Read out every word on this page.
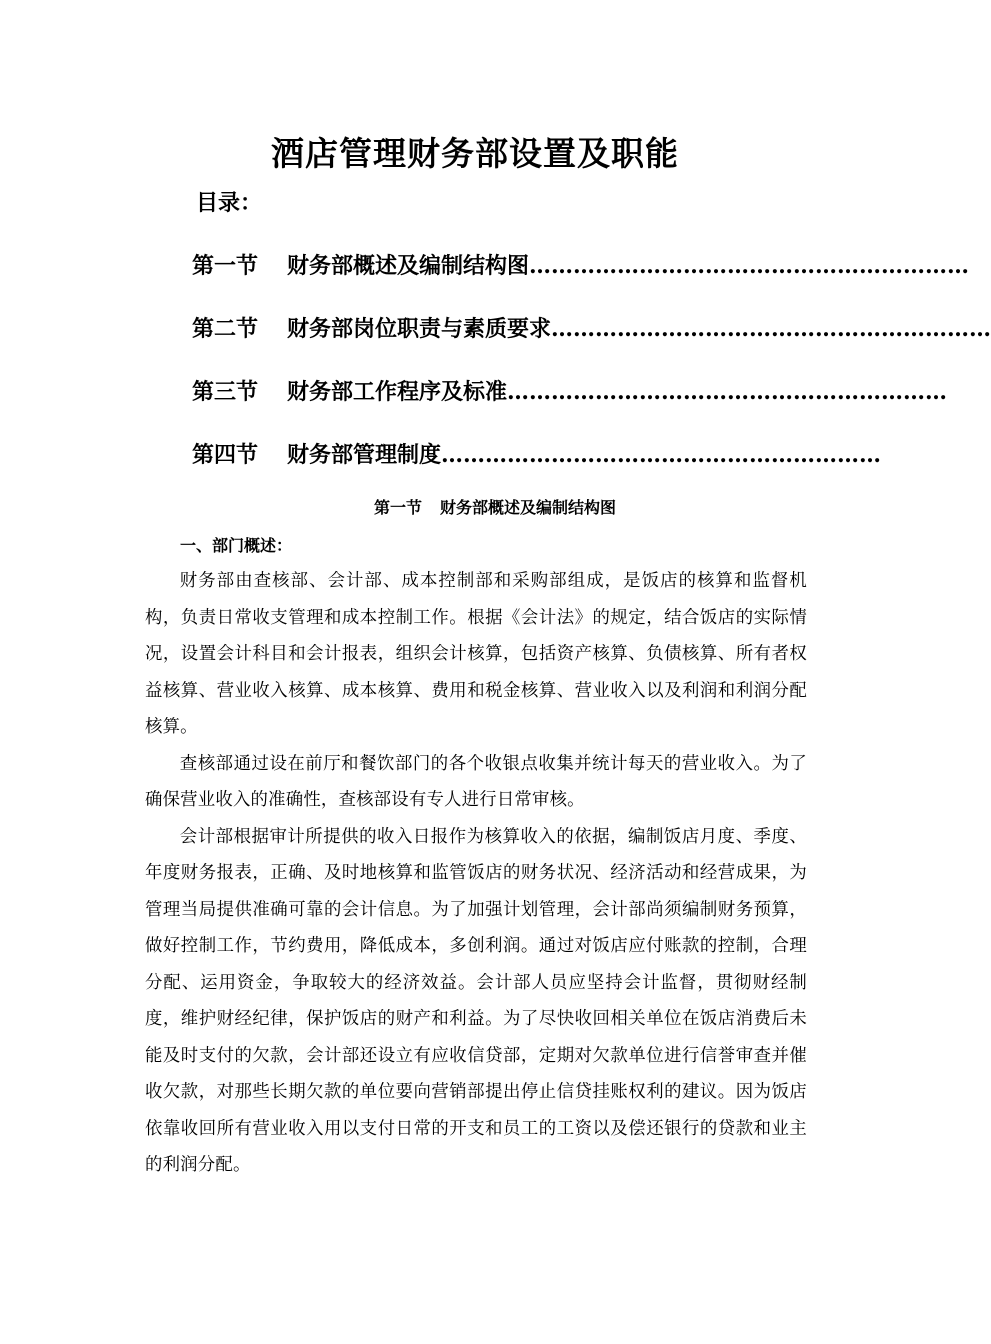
酒店管理财务部设置及职能
目录：
第一节	财务部概述及编制结构图 ……………………………………………………
第二节	财务部岗位职责与素质要求 ……………………………………………………
第三节	财务部工作程序及标准 ……………………………………………………
第四节	财务部管理制度 ……………………………………………………
第一节 财务部概述及编制结构图
一、部门概述：

财务部由查核部、会计部、成本控制部和采购部组成，是饭店的核算和监督机构，负责日常收支管理和成本控制工作。根据《会计法》的规定，结合饭店的实际情况，设置会计科目和会计报表，组织会计核算，包括资产核算、负债核算、所有者权益核算、营业收入核算、成本核算、费用和税金核算、营业收入以及利润和利润分配核算。

查核部通过设在前厅和餐饮部门的各个收银点收集并统计每天的营业收入。为了确保营业收入的准确性，查核部设有专人进行日常审核。

会计部根据审计所提供的收入日报作为核算收入的依据，编制饭店月度、季度、年度财务报表，正确、及时地核算和监管饭店的财务状况、经济活动和经营成果，为管理当局提供准确可靠的会计信息。为了加强计划管理，会计部尚须编制财务预算，做好控制工作，节约费用，降低成本，多创利润。通过对饭店应付账款的控制，合理分配、运用资金，争取较大的经济效益。会计部人员应坚持会计监督，贯彻财经制度，维护财经纪律，保护饭店的财产和利益。为了尽快收回相关单位在饭店消费后未能及时支付的欠款，会计部还设立有应收信贷部，定期对欠款单位进行信誉审查并催收欠款，对那些长期欠款的单位要向营销部提出停止信贷挂账权利的建议。因为饭店依靠收回所有营业收入用以支付日常的开支和员工的工资以及偿还银行的贷款和业主的利润分配。
